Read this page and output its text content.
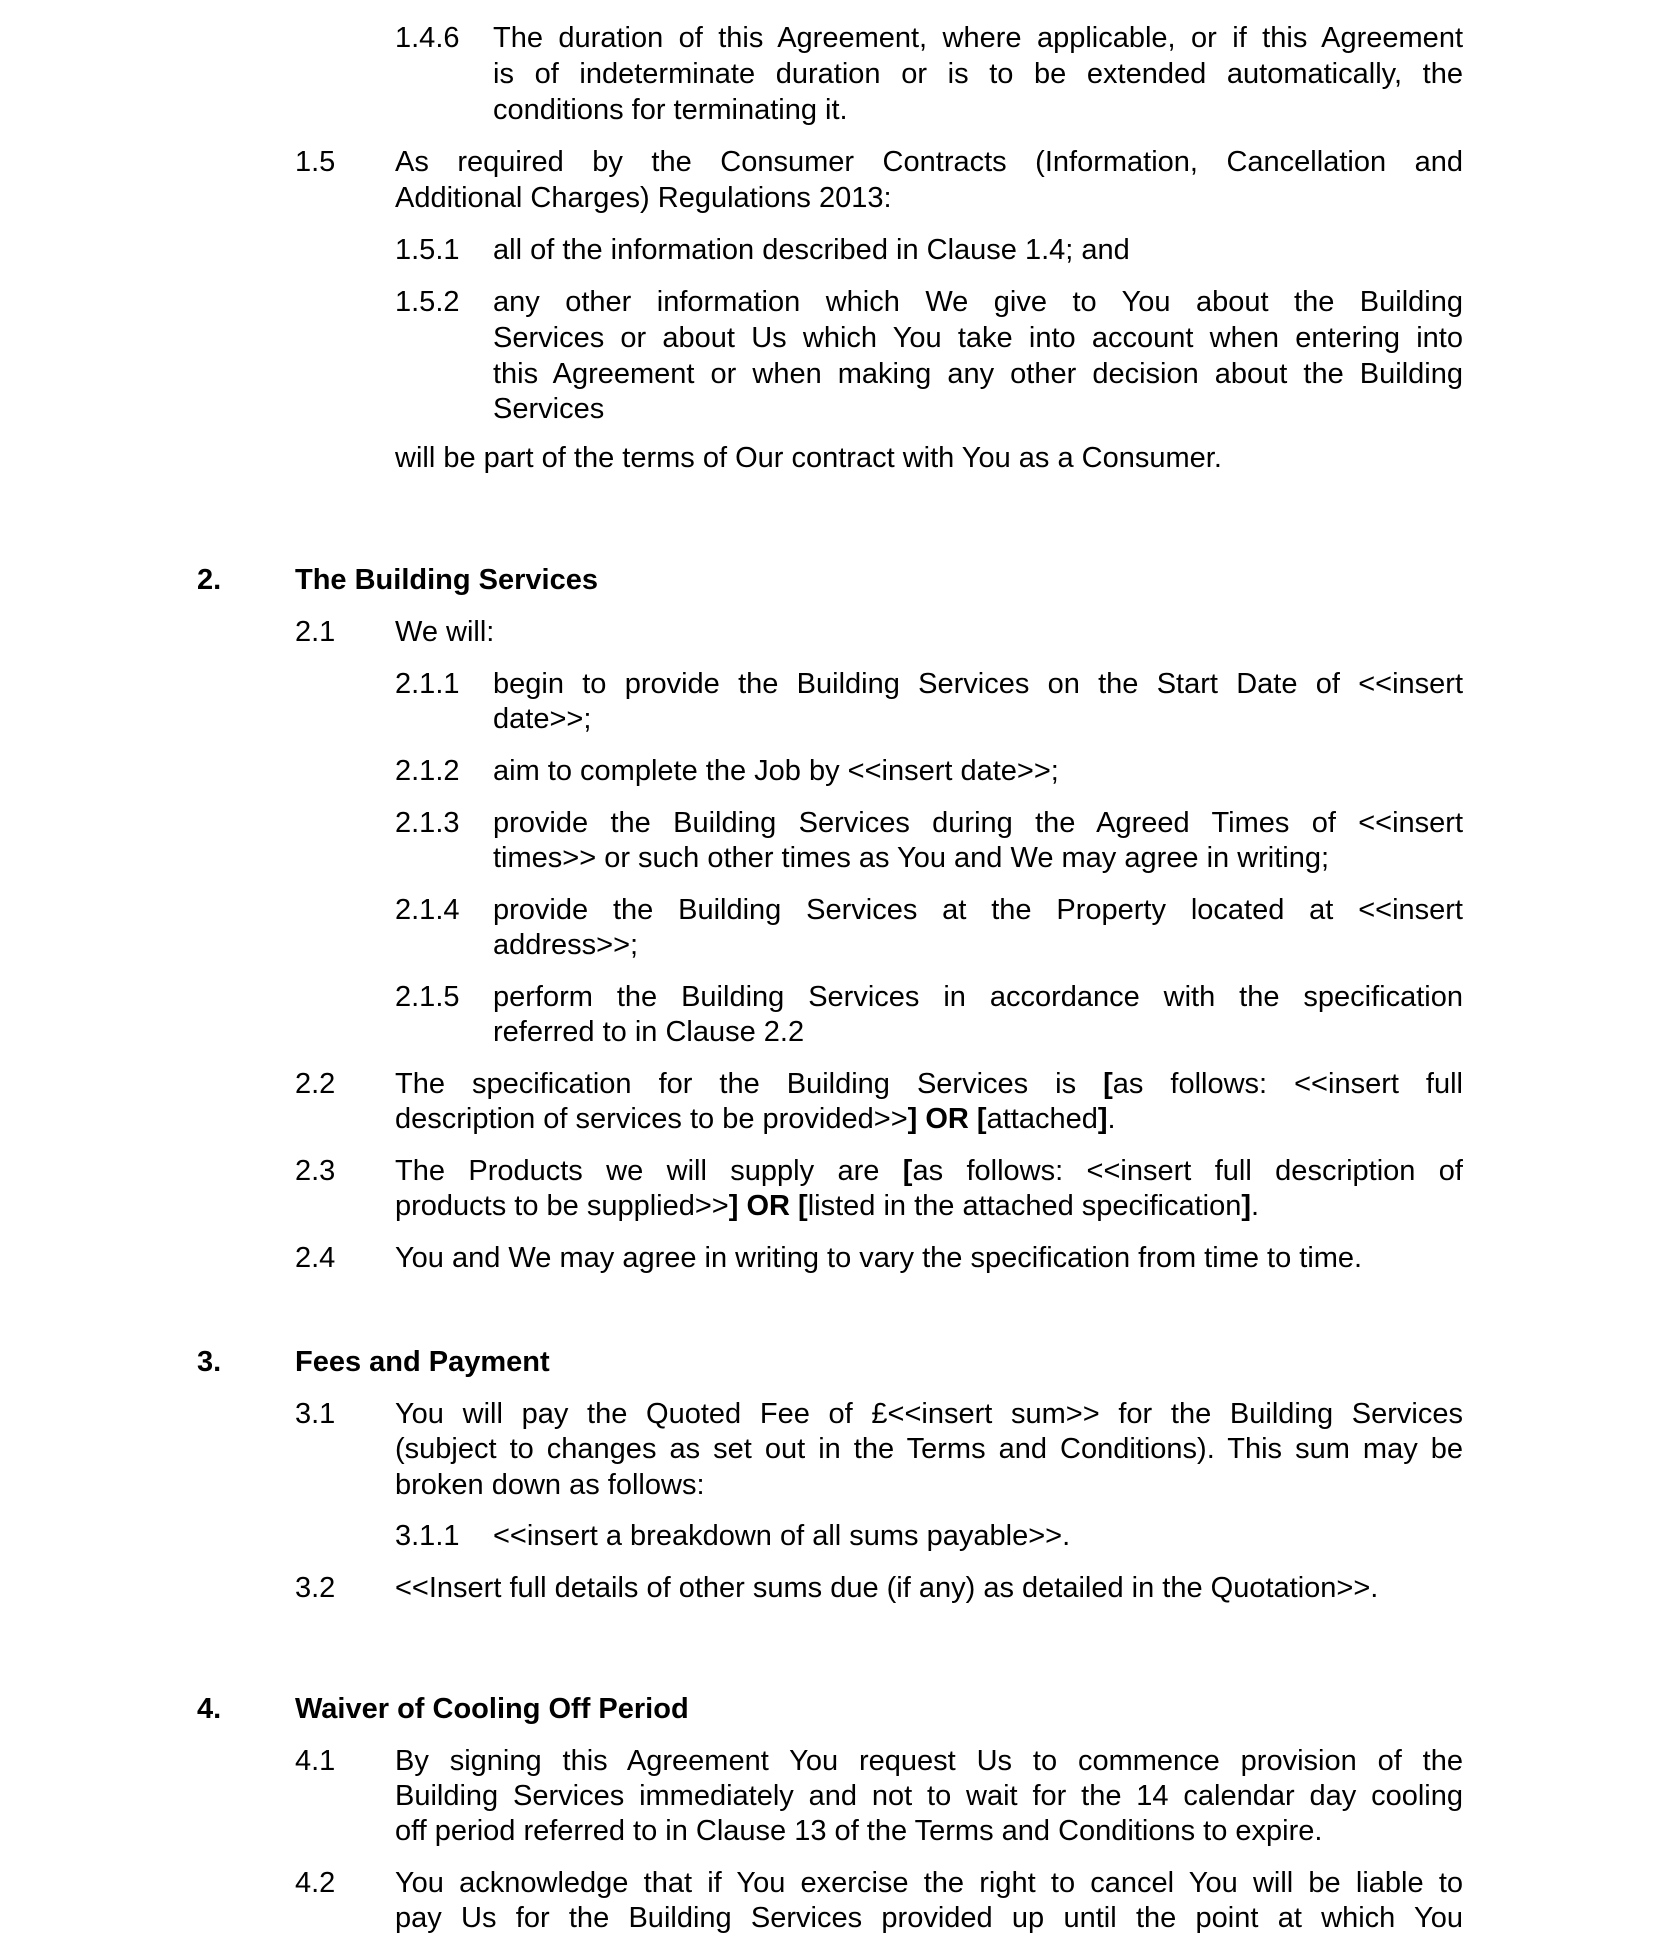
1.4.6 The duration of this Agreement, where applicable, or if this Agreement
is of indeterminate duration or is to be extended automatically, the
conditions for terminating it.
1.5 As required by the Consumer Contracts (Information, Cancellation and
Additional Charges) Regulations 2013:
1.5.1 all of the information described in Clause 1.4; and
1.5.2 any other information which We give to You about the Building
Services or about Us which You take into account when entering into
this Agreement or when making any other decision about the Building
Services
will be part of the terms of Our contract with You as a Consumer.
2.	The Building Services
2.1 We will:
2.1.1 begin to provide the Building Services on the Start Date of <<insert
date>>;
2.1.2 aim to complete the Job by <<insert date>>;
2.1.3 provide the Building Services during the Agreed Times of <<insert
times>> or such other times as You and We may agree in writing;
2.1.4 provide the Building Services at the Property located at <<insert
address>>;
2.1.5 perform the Building Services in accordance with the specification
referred to in Clause 2.2
2.2 The specification for the Building Services is [as follows: <<insert full
description of services to be provided>>] OR [attached].
2.3 The Products we will supply are [as follows: <<insert full description of
products to be supplied>>] OR [listed in the attached specification].
2.4 You and We may agree in writing to vary the specification from time to time.
3.	Fees and Payment
3.1 You will pay the Quoted Fee of £<<insert sum>> for the Building Services
(subject to changes as set out in the Terms and Conditions). This sum may be
broken down as follows:
3.1.1 <<insert a breakdown of all sums payable>>.
3.2 <<Insert full details of other sums due (if any) as detailed in the Quotation>>.
4.	Waiver of Cooling Off Period
4.1 By signing this Agreement You request Us to commence provision of the
Building Services immediately and not to wait for the 14 calendar day cooling
off period referred to in Clause 13 of the Terms and Conditions to expire.
4.2 You acknowledge that if You exercise the right to cancel You will be liable to
pay Us for the Building Services provided up until the point at which You
